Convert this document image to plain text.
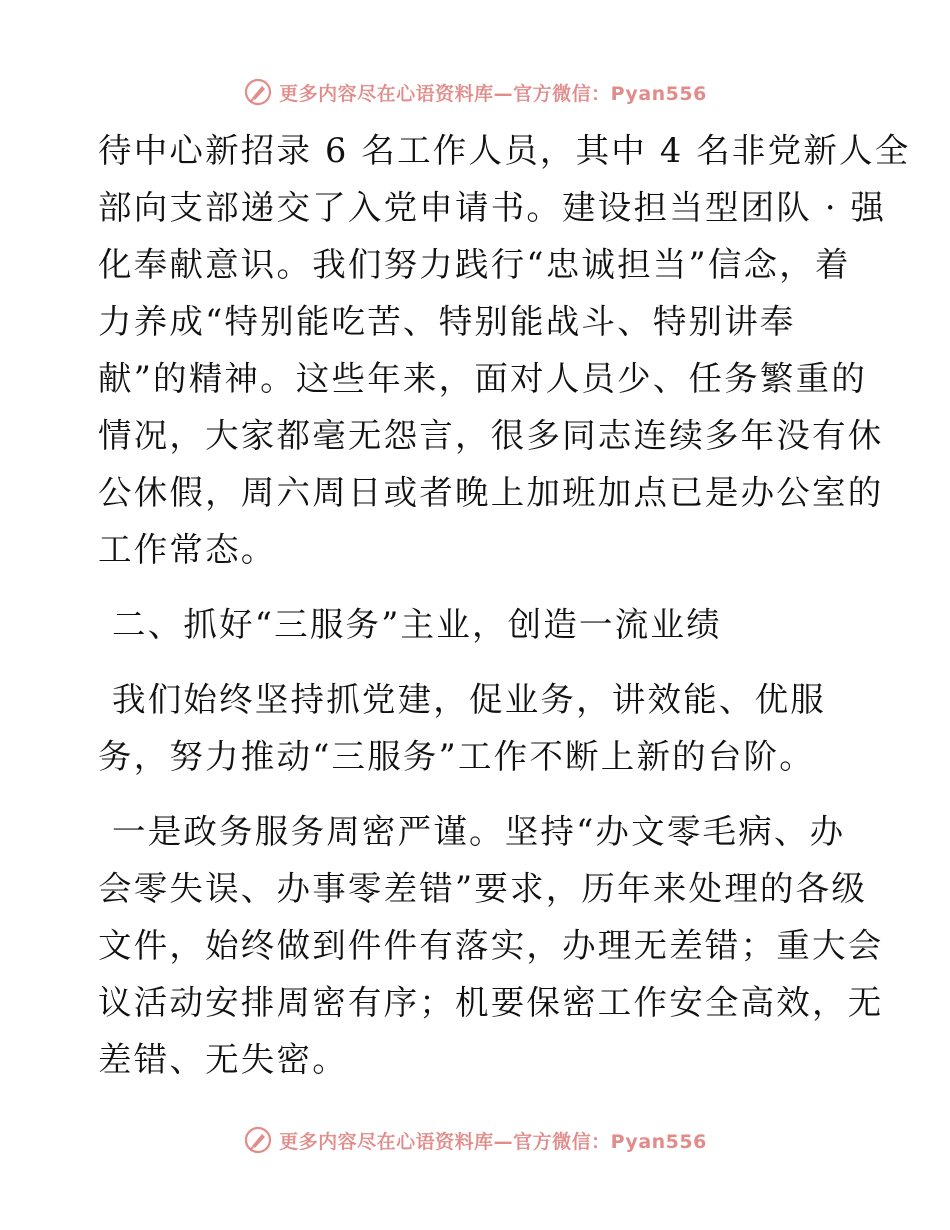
更多内容尽在心语资料库—官方微信：Pyan556
待中心新招录 6 名工作人员，其中 4 名非党新人全
部向支部递交了入党申请书。建设担当型团队 · 强
化奉献意识。我们努力践行“忠诚担当”信念，着
力养成“特别能吃苦、特别能战斗、特别讲奉
献”的精神。这些年来，面对人员少、任务繁重的
情况，大家都毫无怨言，很多同志连续多年没有休
公休假，周六周日或者晚上加班加点已是办公室的
工作常态。
二、抓好“三服务”主业，创造一流业绩
我们始终坚持抓党建，促业务，讲效能、优服
务，努力推动“三服务”工作不断上新的台阶。
一是政务服务周密严谨。坚持“办文零毛病、办
会零失误、办事零差错”要求，历年来处理的各级
文件，始终做到件件有落实，办理无差错；重大会
议活动安排周密有序；机要保密工作安全高效，无
差错、无失密。
更多内容尽在心语资料库—官方微信：Pyan556
